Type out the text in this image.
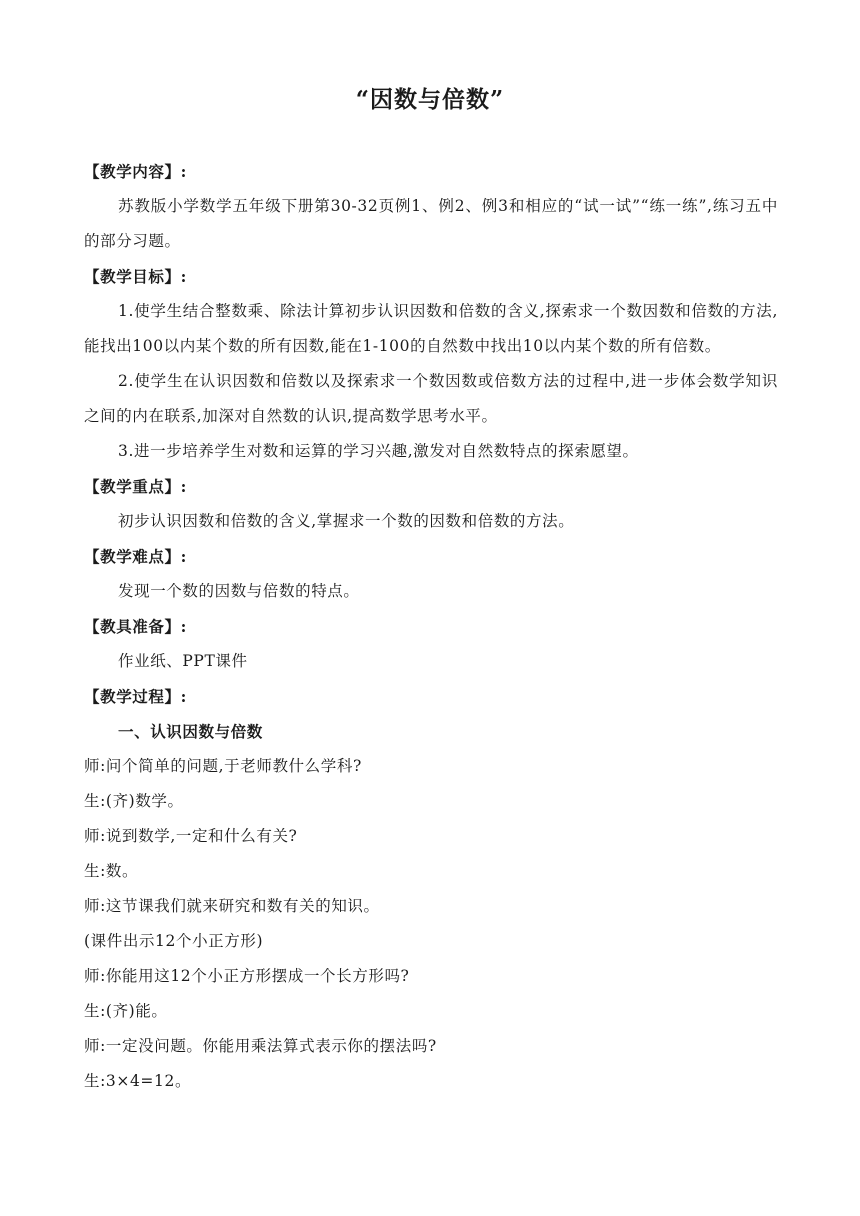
“因数与倍数”

【教学内容】:

苏教版小学数学五年级下册第30-32页例1、例2、例3和相应的“试一试”“练一练”,练习五中的部分习题。

【教学目标】:

1.使学生结合整数乘、除法计算初步认识因数和倍数的含义,探索求一个数因数和倍数的方法,能找出100以内某个数的所有因数,能在1-100的自然数中找出10以内某个数的所有倍数。

2.使学生在认识因数和倍数以及探索求一个数因数或倍数方法的过程中,进一步体会数学知识之间的内在联系,加深对自然数的认识,提高数学思考水平。

3.进一步培养学生对数和运算的学习兴趣,激发对自然数特点的探索愿望。

【教学重点】:

初步认识因数和倍数的含义,掌握求一个数的因数和倍数的方法。

【教学难点】:

发现一个数的因数与倍数的特点。

【教具准备】:

作业纸、PPT课件

【教学过程】:

一、认识因数与倍数

师:问个简单的问题,于老师教什么学科?

生:(齐)数学。

师:说到数学,一定和什么有关?

生:数。

师:这节课我们就来研究和数有关的知识。

(课件出示12个小正方形)

师:你能用这12个小正方形摆成一个长方形吗?

生:(齐)能。

师:一定没问题。你能用乘法算式表示你的摆法吗?

生:3×4=12。
